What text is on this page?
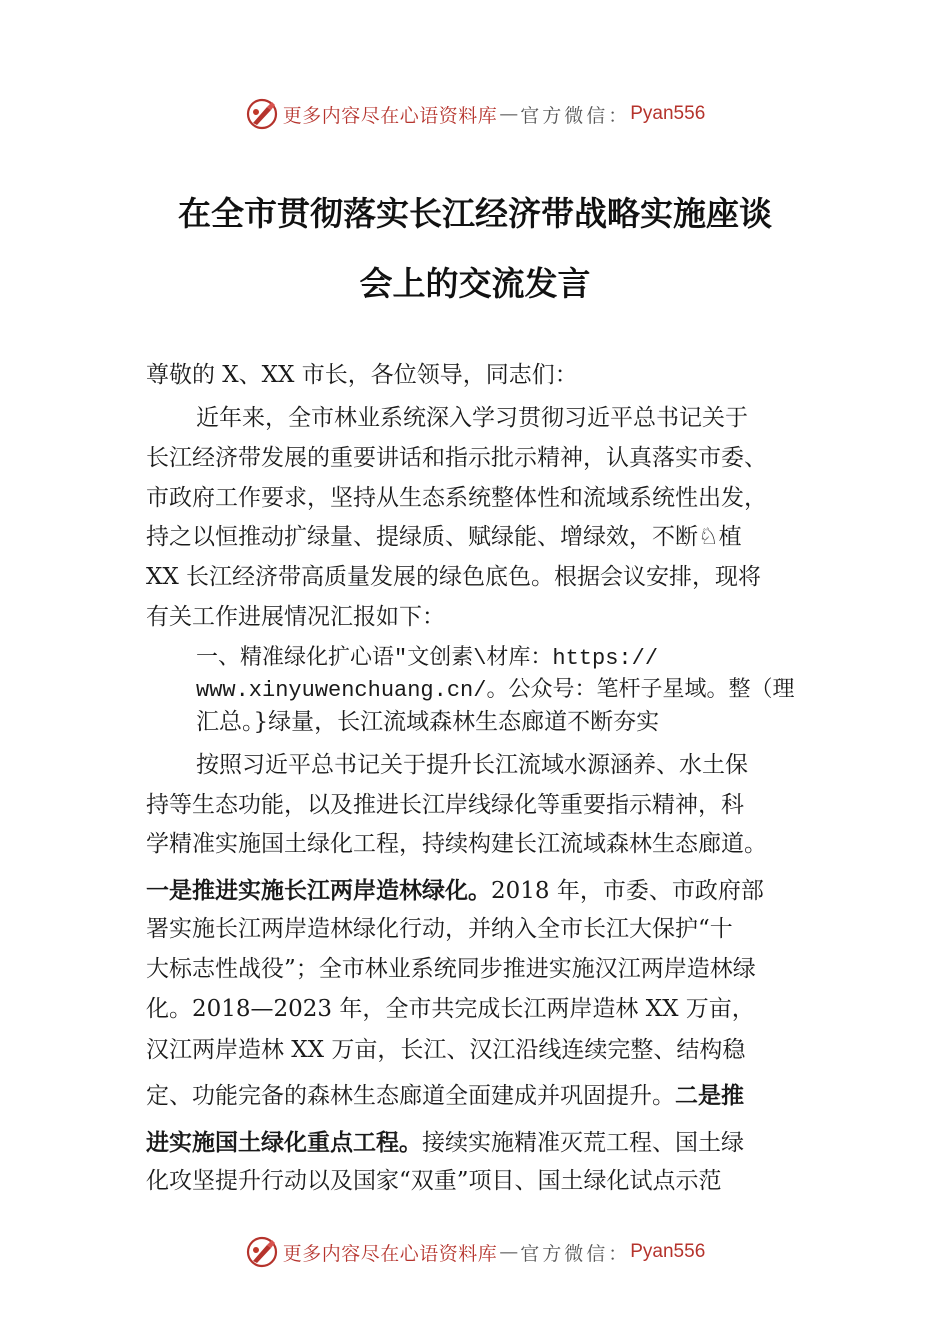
更多内容尽在心语资料库 — 官方微信： Pyan556
在全市贯彻落实长江经济带战略实施座谈
会上的交流发言
尊敬的 X、XX 市长，各位领导，同志们：
近年来，全市林业系统深入学习贯彻习近平总书记关于
长江经济带发展的重要讲话和指示批示精神，认真落实市委、
市政府工作要求，坚持从生态系统整体性和流域系统性出发，
持之以恒推动扩绿量、提绿质、赋绿能、增绿效，不断♘植
XX 长江经济带高质量发展的绿色底色。根据会议安排，现将
有关工作进展情况汇报如下：
一、精准绿化扩心语"文创素\材库：https://
www.xinyuwenchuang.cn/。公众号：笔杆子星域。整（理
汇总。}绿量，长江流域森林生态廊道不断夯实
按照习近平总书记关于提升长江流域水源涵养、水土保
持等生态功能，以及推进长江岸线绿化等重要指示精神，科
学精准实施国土绿化工程，持续构建长江流域森林生态廊道。
一是推进实施长江两岸造林绿化。2018 年，市委、市政府部
署实施长江两岸造林绿化行动，并纳入全市长江大保护“十
大标志性战役”；全市林业系统同步推进实施汉江两岸造林绿
化。2018—2023 年，全市共完成长江两岸造林 XX 万亩，
汉江两岸造林 XX 万亩，长江、汉江沿线连续完整、结构稳
定、功能完备的森林生态廊道全面建成并巩固提升。二是推
进实施国土绿化重点工程。接续实施精准灭荒工程、国土绿
化攻坚提升行动以及国家“双重”项目、国土绿化试点示范
更多内容尽在心语资料库 — 官方微信： Pyan556
